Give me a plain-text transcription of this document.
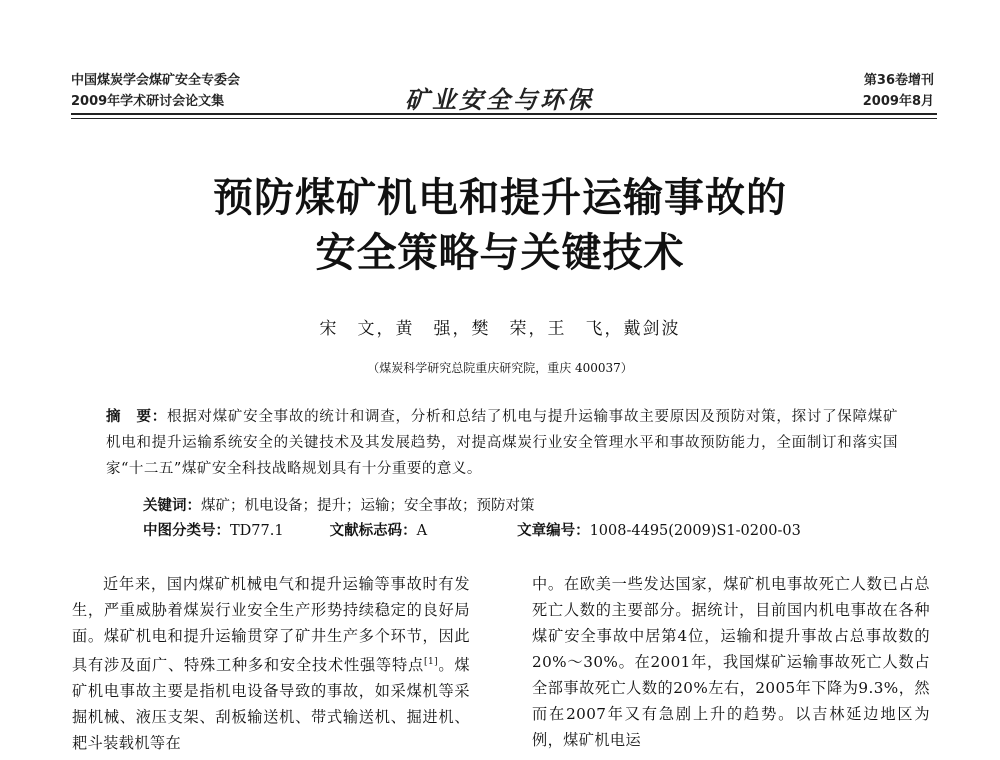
中国煤炭学会煤矿安全专委会
2009年学术研讨会论文集	矿业安全与环保
第36卷增刊
2009年8月
预防煤矿机电和提升运输事故的
安全策略与关键技术
宋　文，黄　强，樊　荣，王　飞，戴剑波
（煤炭科学研究总院重庆研究院，重庆 400037）
摘　要：根据对煤矿安全事故的统计和调查，分析和总结了机电与提升运输事故主要原因及预防对策，探讨了保障煤矿机电和提升运输系统安全的关键技术及其发展趋势，对提高煤炭行业安全管理水平和事故预防能力，全面制订和落实国家“十二五”煤矿安全科技战略规划具有十分重要的意义。
关键词：煤矿；机电设备；提升；运输；安全事故；预防对策
中图分类号：TD77.1	文献标志码：A	文章编号：1008-4495(2009)S1-0200-03

近年来，国内煤矿机械电气和提升运输等事故时有发生，严重威胁着煤炭行业安全生产形势持续稳定的良好局面。煤矿机电和提升运输贯穿了矿井生产多个环节，因此具有涉及面广、特殊工种多和安全技术性强等特点[1]。煤矿机电事故主要是指机电设备导致的事故，如采煤机等采掘机械、液压支架、刮板输送机、带式输送机、掘进机、耙斗装载机等在

中。在欧美一些发达国家，煤矿机电事故死亡人数已占总死亡人数的主要部分。据统计，目前国内机电事故在各种煤矿安全事故中居第4位，运输和提升事故占总事故数的20%～30%。在2001年，我国煤矿运输事故死亡人数占全部事故死亡人数的20%左右，2005年下降为9.3%，然而在2007年又有急剧上升的趋势。以吉林延边地区为例，煤矿机电运
